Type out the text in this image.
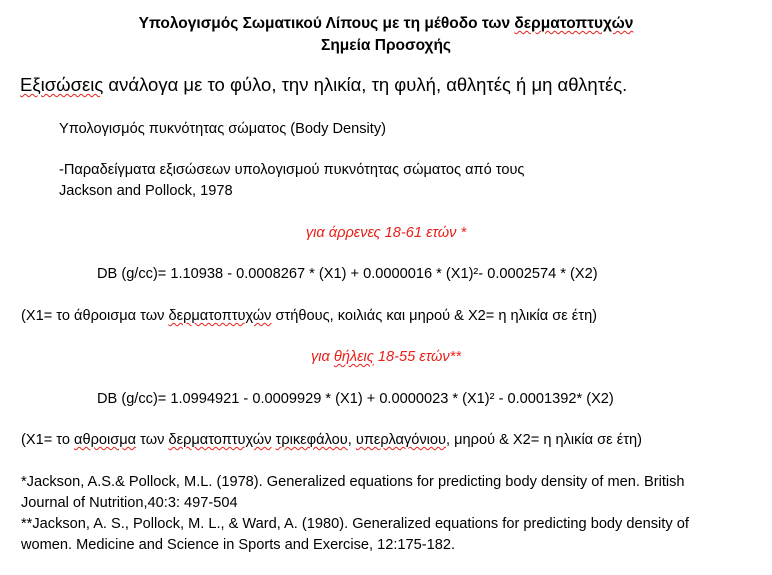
Υπολογισμός Σωματικού Λίπους με τη μέθοδο των δερματοπτυχών
Σημεία Προσοχής
Εξισώσεις ανάλογα με το φύλο, την ηλικία, τη φυλή, αθλητές ή μη αθλητές.
Υπολογισμός πυκνότητας σώματος (Body Density)
-Παραδείγματα εξισώσεων υπολογισμού πυκνότητας σώματος από τους
Jackson and Pollock, 1978
για άρρενες 18-61 ετών *
DB (g/cc)= 1.10938 - 0.0008267 * (X1) + 0.0000016 * (X1)²- 0.0002574 * (X2)
(X1= το άθροισμα των δερματοπτυχών στήθους, κοιλιάς και μηρού & X2= η ηλικία σε έτη)
για θήλεις 18-55 ετών**
DB (g/cc)= 1.0994921 - 0.0009929 * (X1) + 0.0000023 * (X1)² - 0.0001392* (X2)
(X1= το αθροισμα των δερματοπτυχών τρικεφάλου, υπερλαγόνιου, μηρού & X2= η ηλικία σε έτη)
*Jackson, A.S.& Pollock, M.L. (1978). Generalized equations for predicting body density of men. British
Journal of Nutrition,40:3: 497-504
**Jackson, A. S., Pollock, M. L., & Ward, A. (1980). Generalized equations for predicting body density of
women. Medicine and Science in Sports and Exercise, 12:175-182.
